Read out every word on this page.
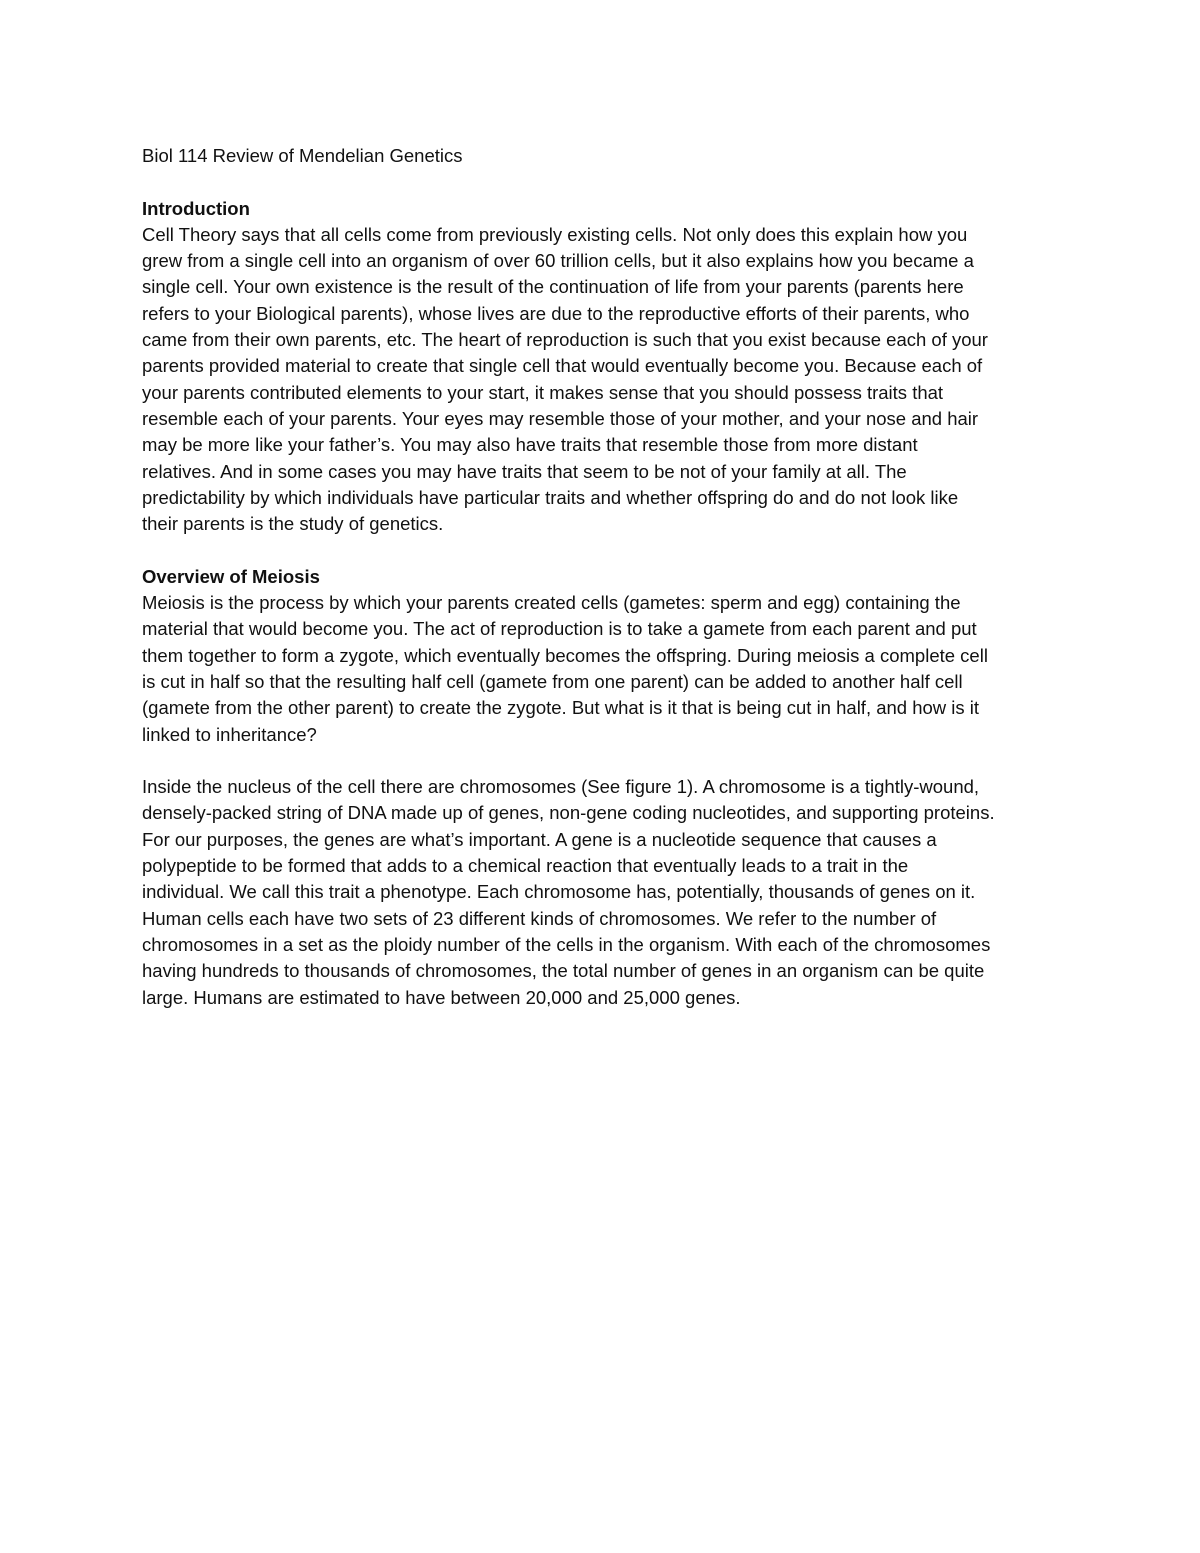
Biol 114 Review of Mendelian Genetics
Introduction
Cell Theory says that all cells come from previously existing cells. Not only does this explain how you
grew from a single cell into an organism of over 60 trillion cells, but it also explains how you became a
single cell. Your own existence is the result of the continuation of life from your parents (parents here
refers to your Biological parents), whose lives are due to the reproductive efforts of their parents, who
came from their own parents, etc. The heart of reproduction is such that you exist because each of your
parents provided material to create that single cell that would eventually become you. Because each of
your parents contributed elements to your start, it makes sense that you should possess traits that
resemble each of your parents. Your eyes may resemble those of your mother, and your nose and hair
may be more like your father’s. You may also have traits that resemble those from more distant
relatives. And in some cases you may have traits that seem to be not of your family at all. The
predictability by which individuals have particular traits and whether offspring do and do not look like
their parents is the study of genetics.
Overview of Meiosis
Meiosis is the process by which your parents created cells (gametes: sperm and egg) containing the
material that would become you. The act of reproduction is to take a gamete from each parent and put
them together to form a zygote, which eventually becomes the offspring. During meiosis a complete cell
is cut in half so that the resulting half cell (gamete from one parent) can be added to another half cell
(gamete from the other parent) to create the zygote. But what is it that is being cut in half, and how is it
linked to inheritance?
Inside the nucleus of the cell there are chromosomes (See figure 1). A chromosome is a tightly-wound,
densely-packed string of DNA made up of genes, non-gene coding nucleotides, and supporting proteins.
For our purposes, the genes are what’s important. A gene is a nucleotide sequence that causes a
polypeptide to be formed that adds to a chemical reaction that eventually leads to a trait in the
individual. We call this trait a phenotype. Each chromosome has, potentially, thousands of genes on it.
Human cells each have two sets of 23 different kinds of chromosomes. We refer to the number of
chromosomes in a set as the ploidy number of the cells in the organism. With each of the chromosomes
having hundreds to thousands of chromosomes, the total number of genes in an organism can be quite
large. Humans are estimated to have between 20,000 and 25,000 genes.
